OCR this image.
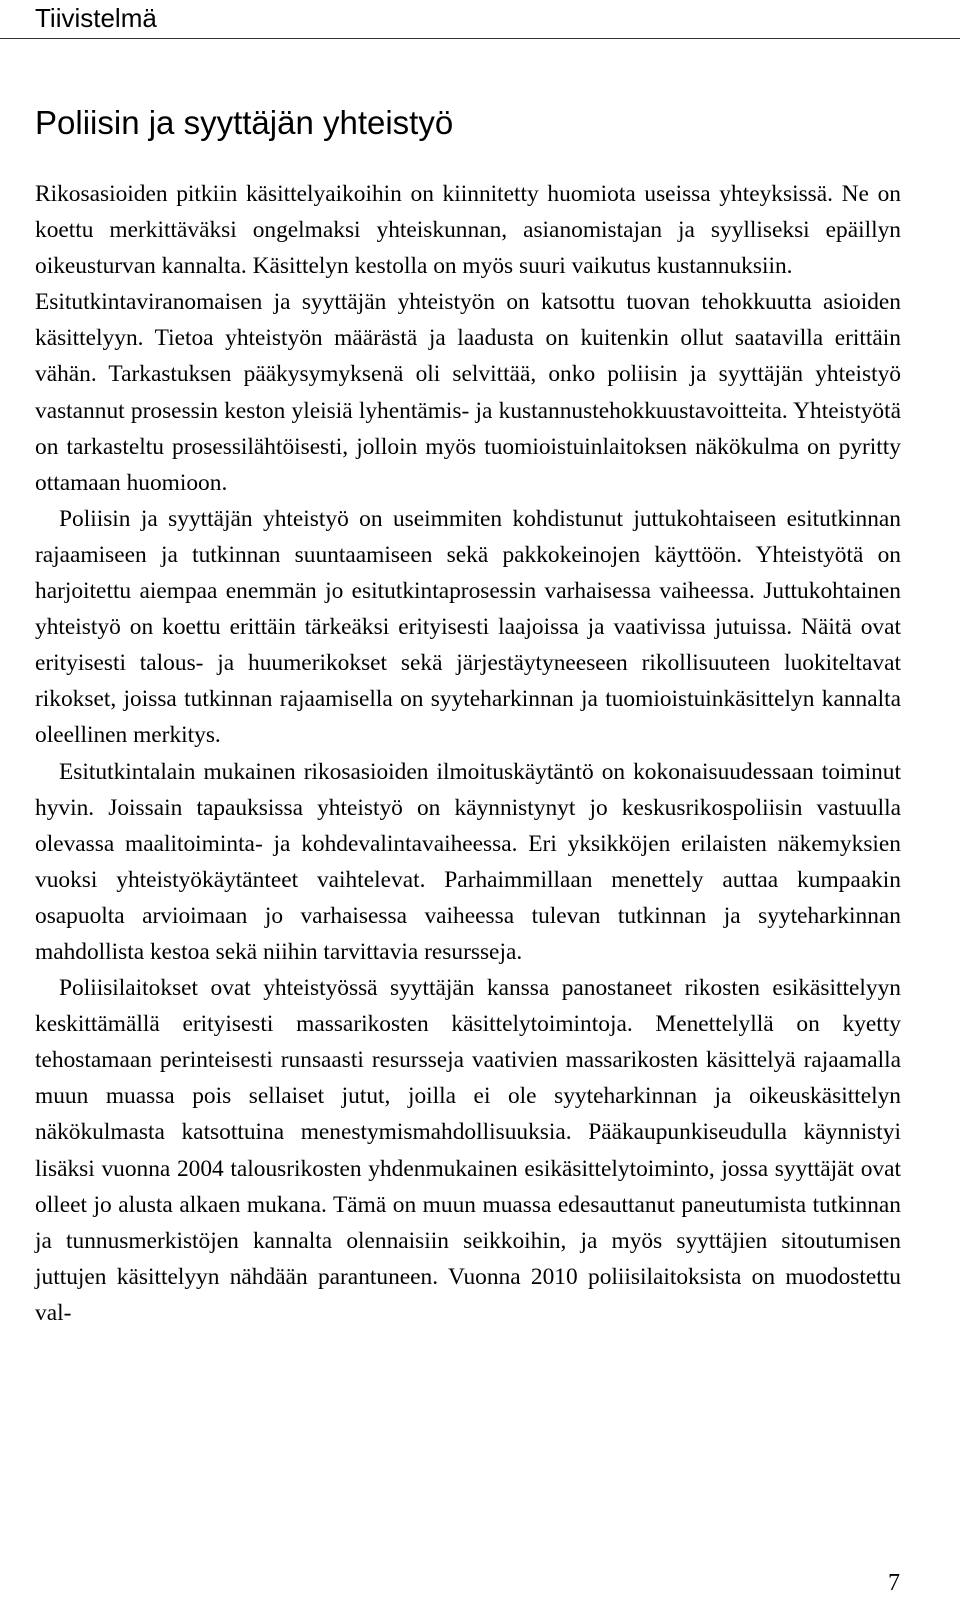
Tiivistelmä
Poliisin ja syyttäjän yhteistyö

Rikosasioiden pitkiin käsittelyaikoihin on kiinnitetty huomiota useissa yhteyksissä. Ne on koettu merkittäväksi ongelmaksi yhteiskunnan, asianomistajan ja syylliseksi epäillyn oikeusturvan kannalta. Käsittelyn kestolla on myös suuri vaikutus kustannuksiin.

Esitutkintaviranomaisen ja syyttäjän yhteistyön on katsottu tuovan tehokkuutta asioiden käsittelyyn. Tietoa yhteistyön määrästä ja laadusta on kuitenkin ollut saatavilla erittäin vähän. Tarkastuksen pääkysymyksenä oli selvittää, onko poliisin ja syyttäjän yhteistyö vastannut prosessin keston yleisiä lyhentämis- ja kustannustehokkuustavoitteita. Yhteistyötä on tarkasteltu prosessilähtöisesti, jolloin myös tuomioistuinlaitoksen näkökulma on pyritty ottamaan huomioon.

Poliisin ja syyttäjän yhteistyö on useimmiten kohdistunut juttukohtaiseen esitutkinnan rajaamiseen ja tutkinnan suuntaamiseen sekä pakkokeinojen käyttöön. Yhteistyötä on harjoitettu aiempaa enemmän jo esitutkintaprosessin varhaisessa vaiheessa. Juttukohtainen yhteistyö on koettu erittäin tärkeäksi erityisesti laajoissa ja vaativissa jutuissa. Näitä ovat erityisesti talous- ja huumerikokset sekä järjestäytyneeseen rikollisuuteen luokiteltavat rikokset, joissa tutkinnan rajaamisella on syyteharkinnan ja tuomioistuinkäsittelyn kannalta oleellinen merkitys.

Esitutkintalain mukainen rikosasioiden ilmoituskäytäntö on kokonaisuudessaan toiminut hyvin. Joissain tapauksissa yhteistyö on käynnistynyt jo keskusrikospoliisin vastuulla olevassa maalitoiminta- ja kohdevalintavaiheessa. Eri yksikköjen erilaisten näkemyksien vuoksi yhteistyökäytänteet vaihtelevat. Parhaimmillaan menettely auttaa kumpaakin osapuolta arvioimaan jo varhaisessa vaiheessa tulevan tutkinnan ja syyteharkinnan mahdollista kestoa sekä niihin tarvittavia resursseja.

Poliisilaitokset ovat yhteistyössä syyttäjän kanssa panostaneet rikosten esikäsittelyyn keskittämällä erityisesti massarikosten käsittelytoimintoja. Menettelyllä on kyetty tehostamaan perinteisesti runsaasti resursseja vaativien massarikosten käsittelyä rajaamalla muun muassa pois sellaiset jutut, joilla ei ole syyteharkinnan ja oikeuskäsittelyn näkökulmasta katsottuina menestymismahdollisuuksia. Pääkaupunkiseudulla käynnistyi lisäksi vuonna 2004 talousrikosten yhdenmukainen esikäsittelytoiminto, jossa syyttäjät ovat olleet jo alusta alkaen mukana. Tämä on muun muassa edesauttanut paneutumista tutkinnan ja tunnusmerkistöjen kannalta olennaisiin seikkoihin, ja myös syyttäjien sitoutumisen juttujen käsittelyyn nähdään parantuneen. Vuonna 2010 poliisilaitoksista on muodostettu val-

7
